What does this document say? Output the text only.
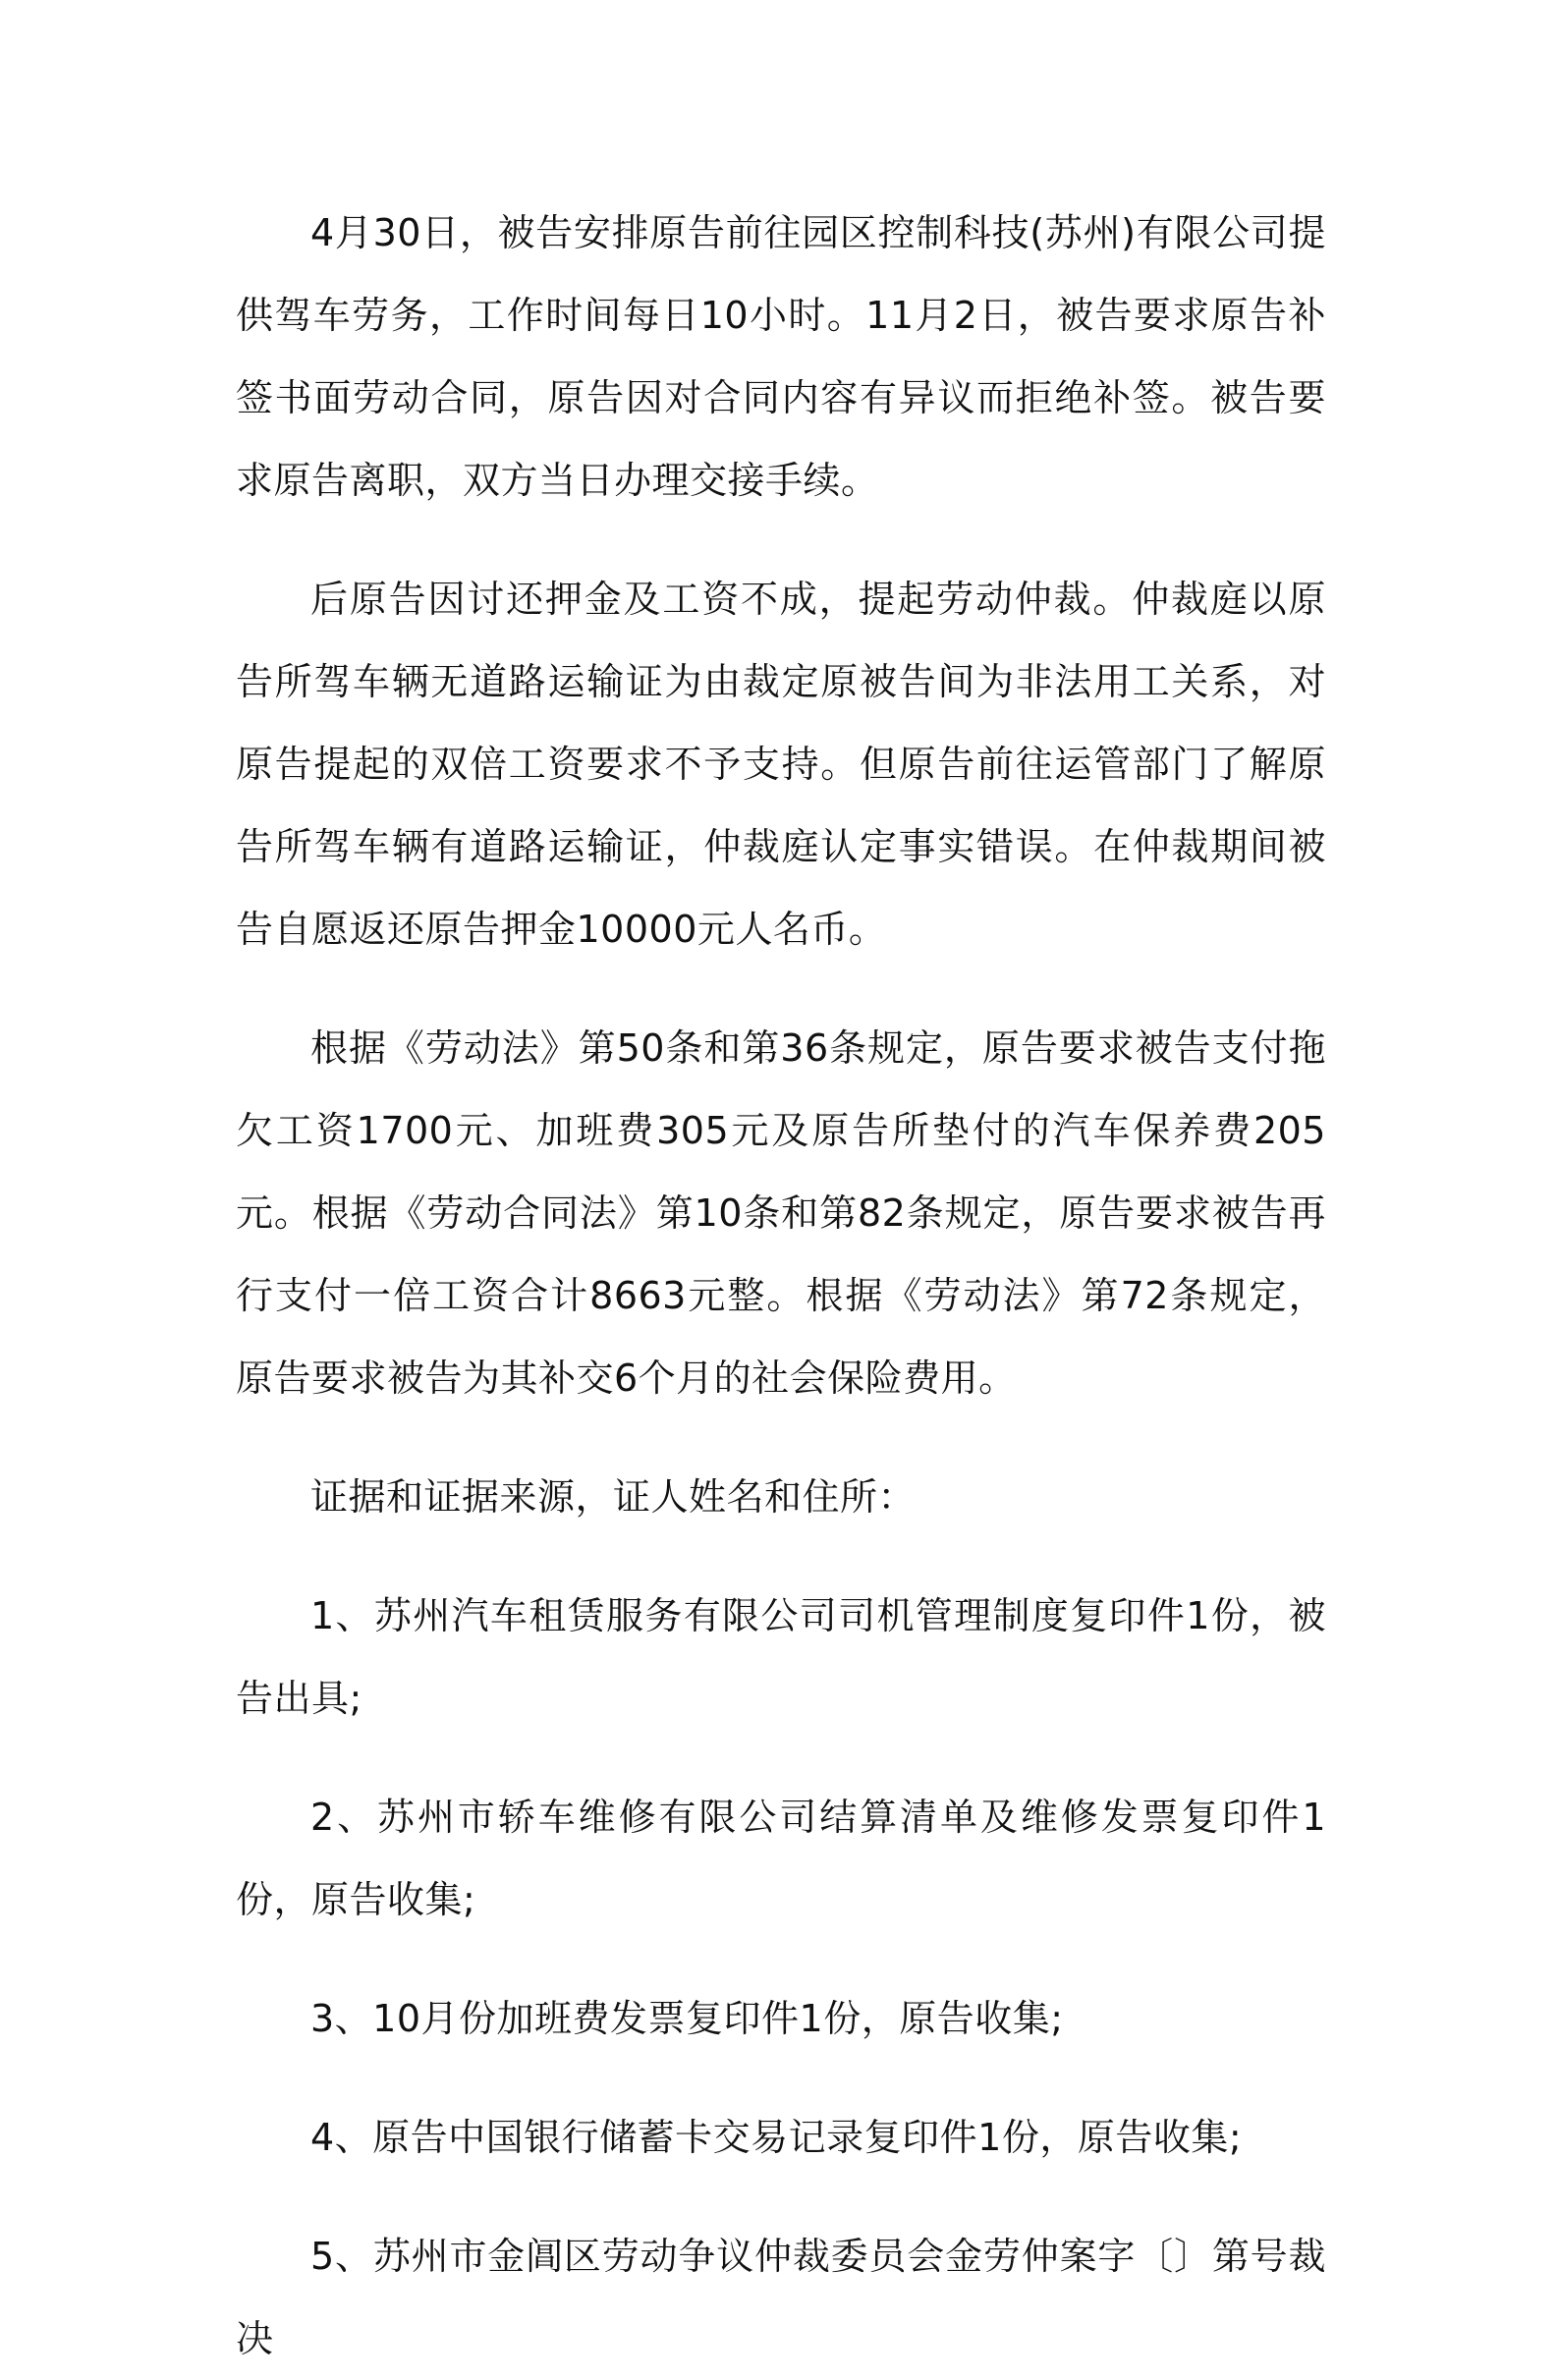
4月30日，被告安排原告前往园区控制科技(苏州)有限公司提供驾车劳务，工作时间每日10小时。11月2日，被告要求原告补签书面劳动合同，原告因对合同内容有异议而拒绝补签。被告要求原告离职，双方当日办理交接手续。

后原告因讨还押金及工资不成，提起劳动仲裁。仲裁庭以原告所驾车辆无道路运输证为由裁定原被告间为非法用工关系，对原告提起的双倍工资要求不予支持。但原告前往运管部门了解原告所驾车辆有道路运输证，仲裁庭认定事实错误。在仲裁期间被告自愿返还原告押金10000元人名币。

根据《劳动法》第50条和第36条规定，原告要求被告支付拖欠工资1700元、加班费305元及原告所垫付的汽车保养费205元。根据《劳动合同法》第10条和第82条规定，原告要求被告再行支付一倍工资合计8663元整。根据《劳动法》第72条规定，原告要求被告为其补交6个月的社会保险费用。

证据和证据来源，证人姓名和住所：

1、苏州汽车租赁服务有限公司司机管理制度复印件1份，被告出具;

2、苏州市轿车维修有限公司结算清单及维修发票复印件1份，原告收集;

3、10月份加班费发票复印件1份，原告收集;

4、原告中国银行储蓄卡交易记录复印件1份，原告收集;

5、苏州市金阊区劳动争议仲裁委员会金劳仲案字〔〕第号裁决
